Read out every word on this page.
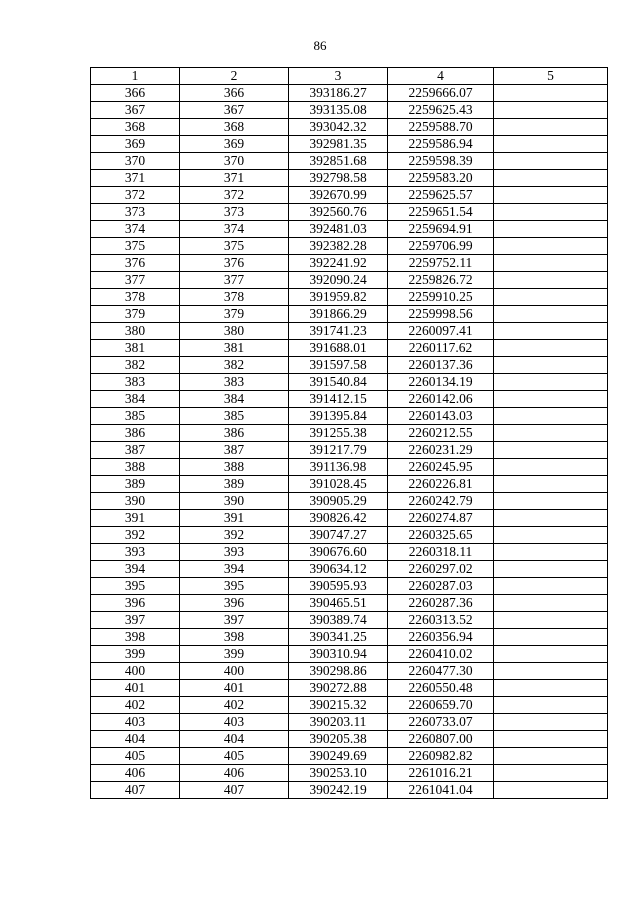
86
1	2	3	4	5
366	366	393186.27	2259666.07	
367	367	393135.08	2259625.43	
368	368	393042.32	2259588.70	
369	369	392981.35	2259586.94	
370	370	392851.68	2259598.39	
371	371	392798.58	2259583.20	
372	372	392670.99	2259625.57	
373	373	392560.76	2259651.54	
374	374	392481.03	2259694.91	
375	375	392382.28	2259706.99	
376	376	392241.92	2259752.11	
377	377	392090.24	2259826.72	
378	378	391959.82	2259910.25	
379	379	391866.29	2259998.56	
380	380	391741.23	2260097.41	
381	381	391688.01	2260117.62	
382	382	391597.58	2260137.36	
383	383	391540.84	2260134.19	
384	384	391412.15	2260142.06	
385	385	391395.84	2260143.03	
386	386	391255.38	2260212.55	
387	387	391217.79	2260231.29	
388	388	391136.98	2260245.95	
389	389	391028.45	2260226.81	
390	390	390905.29	2260242.79	
391	391	390826.42	2260274.87	
392	392	390747.27	2260325.65	
393	393	390676.60	2260318.11	
394	394	390634.12	2260297.02	
395	395	390595.93	2260287.03	
396	396	390465.51	2260287.36	
397	397	390389.74	2260313.52	
398	398	390341.25	2260356.94	
399	399	390310.94	2260410.02	
400	400	390298.86	2260477.30	
401	401	390272.88	2260550.48	
402	402	390215.32	2260659.70	
403	403	390203.11	2260733.07	
404	404	390205.38	2260807.00	
405	405	390249.69	2260982.82	
406	406	390253.10	2261016.21	
407	407	390242.19	2261041.04	
